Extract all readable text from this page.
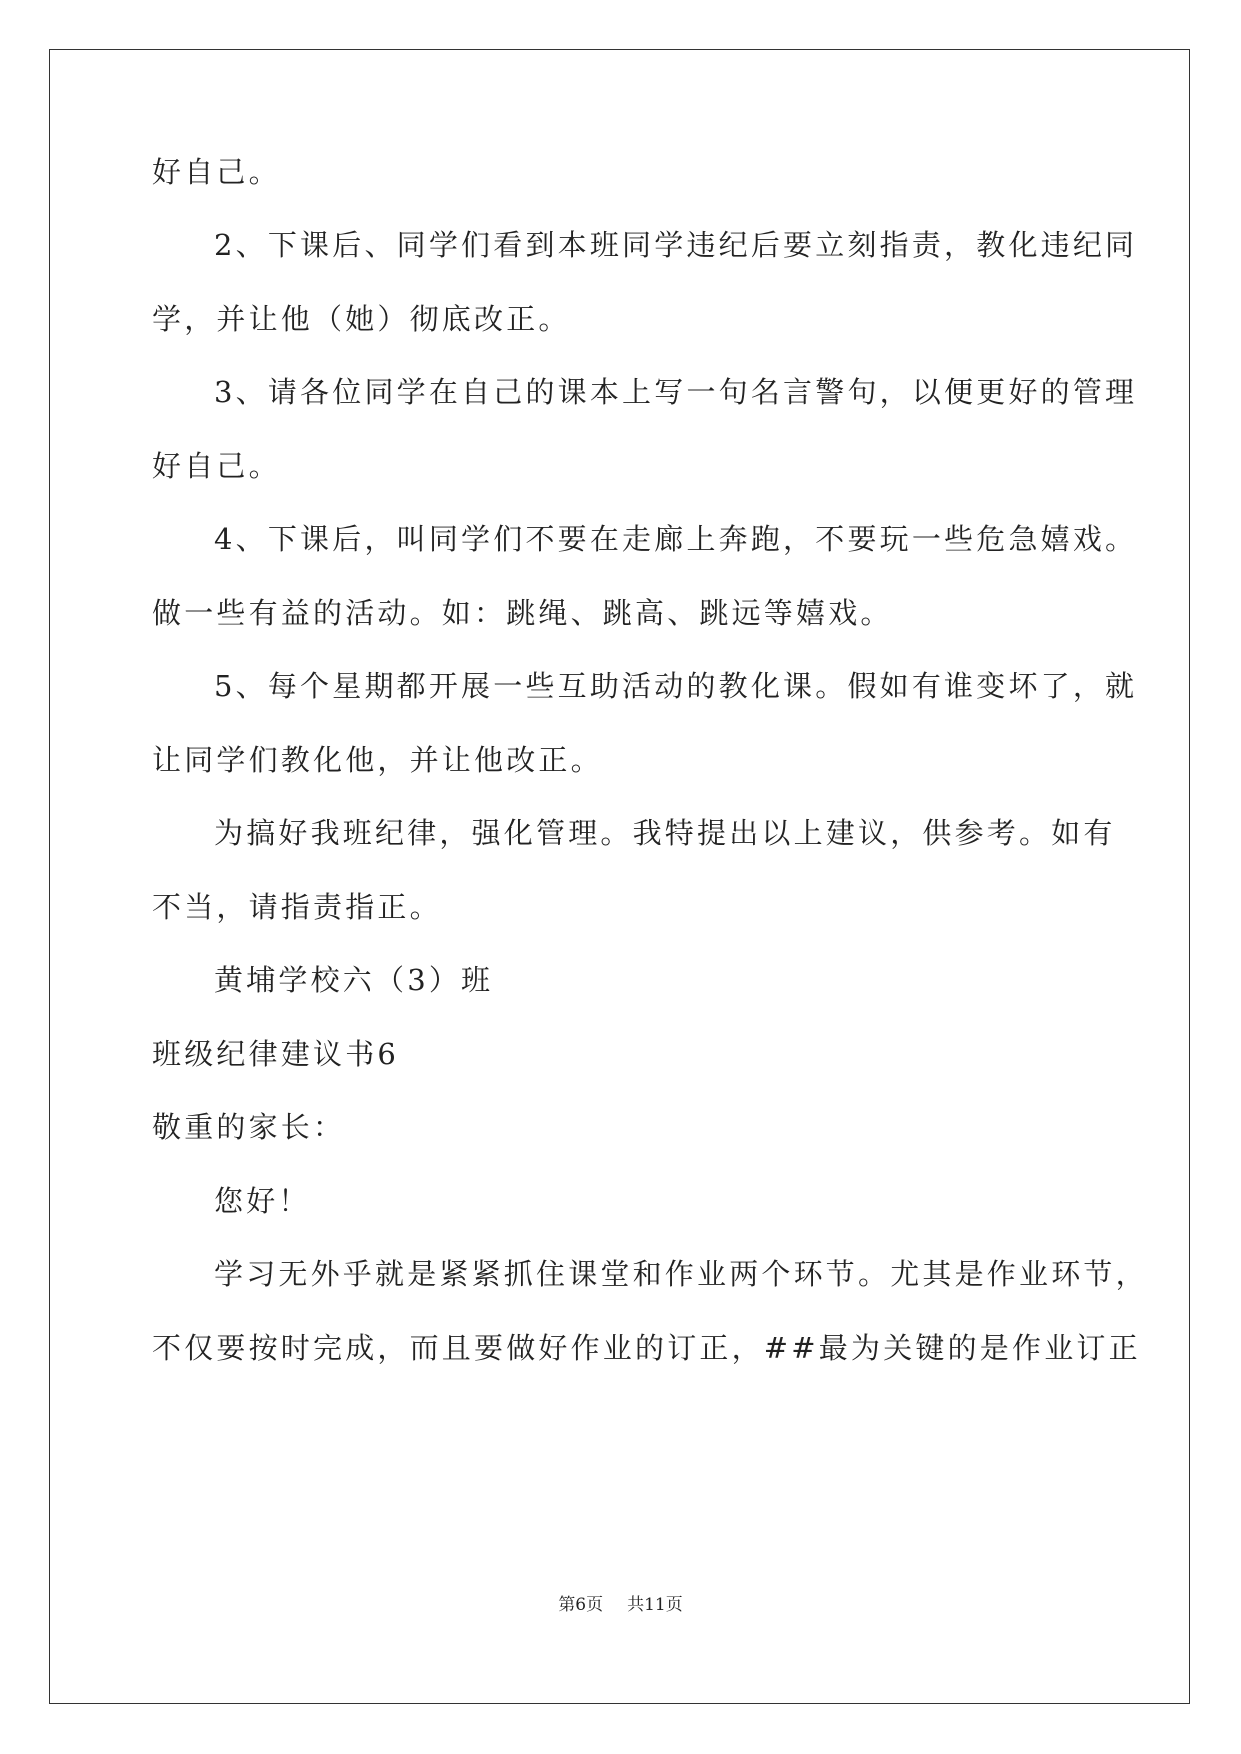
好自己。
2、下课后、同学们看到本班同学违纪后要立刻指责，教化违纪同
学，并让他（她）彻底改正。
3、请各位同学在自己的课本上写一句名言警句，以便更好的管理
好自己。
4、下课后，叫同学们不要在走廊上奔跑，不要玩一些危急嬉戏。
做一些有益的活动。如：跳绳、跳高、跳远等嬉戏。
5、每个星期都开展一些互助活动的教化课。假如有谁变坏了，就
让同学们教化他，并让他改正。
为搞好我班纪律，强化管理。我特提出以上建议，供参考。如有
不当，请指责指正。
黄埔学校六（3）班
班级纪律建议书6
敬重的家长：
您好！
学习无外乎就是紧紧抓住课堂和作业两个环节。尤其是作业环节，
不仅要按时完成，而且要做好作业的订正，##最为关键的是作业订正
第6页 共11页
